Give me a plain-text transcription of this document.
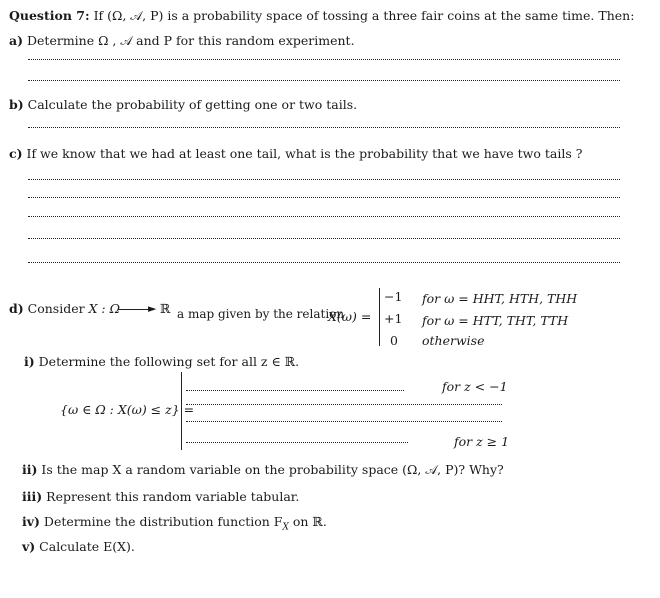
Question 7: If (Ω, 𝒜, P) is a probability space of tossing a three fair coins at the same time. Then:
a) Determine Ω , 𝒜 and P for this random experiment.
b) Calculate the probability of getting one or two tails.
c) If we know that we had at least one tail, what is the probability that we have two tails ?
d) Consider X : Ω	► ℝ a map given by the relation
X(ω) =
−1 for ω = HHT, HTH, THH
+1 for ω = HTT, THT, TTH
0 otherwise
i) Determine the following set for all z ∈ ℝ.
{ω ∈ Ω : X(ω) ≤ z} =
for z < −1
for z ≥ 1
ii) Is the map X a random variable on the probability space (Ω, 𝒜, P)? Why?
iii) Represent this random variable tabular.
iv) Determine the distribution function $F_X$ on ℝ.
v) Calculate E(X).
